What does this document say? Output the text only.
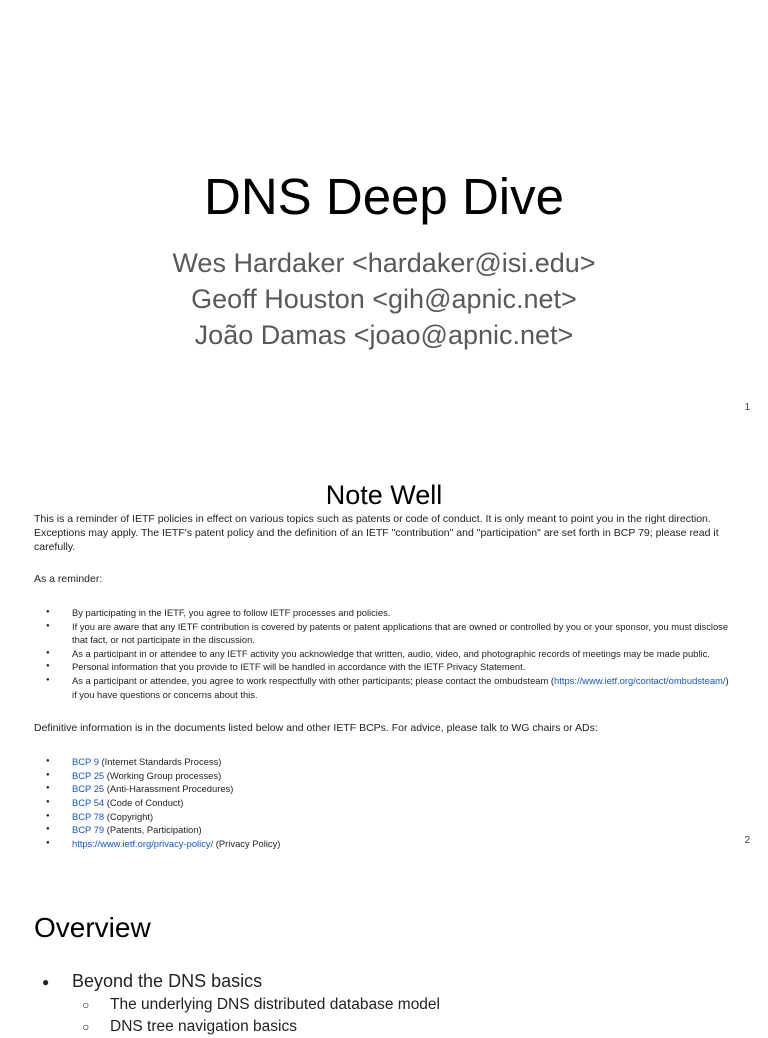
DNS Deep Dive
Wes Hardaker <hardaker@isi.edu>
Geoff Houston <gih@apnic.net>
João Damas <joao@apnic.net>
1
Note Well

This is a reminder of IETF policies in effect on various topics such as patents or code of conduct. It is only meant to point you in the right direction. Exceptions may apply. The IETF's patent policy and the definition of an IETF "contribution" and "participation" are set forth in BCP 79; please read it carefully.

As a reminder:

● By participating in the IETF, you agree to follow IETF processes and policies.
● If you are aware that any IETF contribution is covered by patents or patent applications that are owned or controlled by you or your sponsor, you must disclose that fact, or not participate in the discussion.
● As a participant in or attendee to any IETF activity you acknowledge that written, audio, video, and photographic records of meetings may be made public.
● Personal information that you provide to IETF will be handled in accordance with the IETF Privacy Statement.
● As a participant or attendee, you agree to work respectfully with other participants; please contact the ombudsteam (https://www.ietf.org/contact/ombudsteam/) if you have questions or concerns about this.

Definitive information is in the documents listed below and other IETF BCPs. For advice, please talk to WG chairs or ADs:

● BCP 9 (Internet Standards Process)
● BCP 25 (Working Group processes)
● BCP 25 (Anti-Harassment Procedures)
● BCP 54 (Code of Conduct)
● BCP 78 (Copyright)
● BCP 79 (Patents, Participation)
● https://www.ietf.org/privacy-policy/ (Privacy Policy)	2
Overview
● Beyond the DNS basics
○ The underlying DNS distributed database model
○ DNS tree navigation basics
